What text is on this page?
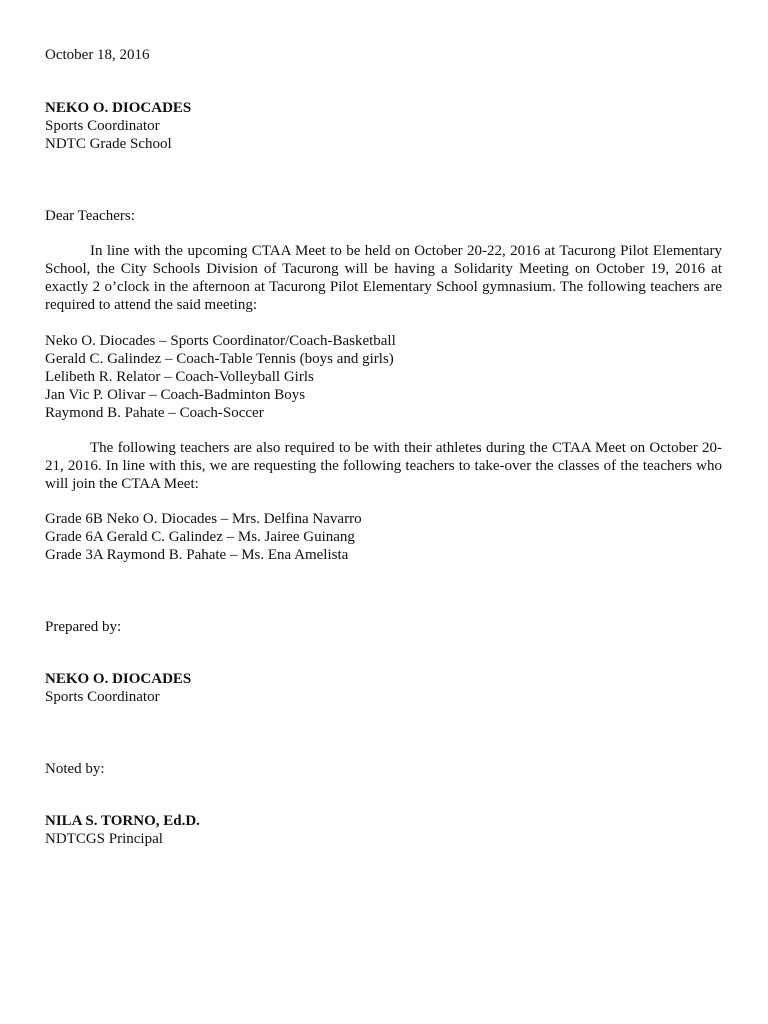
October 18, 2016
NEKO O. DIOCADES
Sports Coordinator
NDTC Grade School
Dear Teachers:

In line with the upcoming CTAA Meet to be held on October 20-22, 2016 at Tacurong Pilot Elementary School, the City Schools Division of Tacurong will be having a Solidarity Meeting on October 19, 2016 at exactly 2 o’clock in the afternoon at Tacurong Pilot Elementary School gymnasium. The following teachers are required to attend the said meeting:

Neko O. Diocades – Sports Coordinator/Coach-Basketball
Gerald C. Galindez – Coach-Table Tennis (boys and girls)
Lelibeth R. Relator – Coach-Volleyball Girls
Jan Vic P. Olivar – Coach-Badminton Boys
Raymond B. Pahate – Coach-Soccer

The following teachers are also required to be with their athletes during the CTAA Meet on October 20-21, 2016. In line with this, we are requesting the following teachers to take-over the classes of the teachers who will join the CTAA Meet:

Grade 6B Neko O. Diocades – Mrs. Delfina Navarro
Grade 6A Gerald C. Galindez – Ms. Jairee Guinang
Grade 3A Raymond B. Pahate – Ms. Ena Amelista
Prepared by:
NEKO O. DIOCADES
Sports Coordinator
Noted by:
NILA S. TORNO, Ed.D.
NDTCGS Principal
